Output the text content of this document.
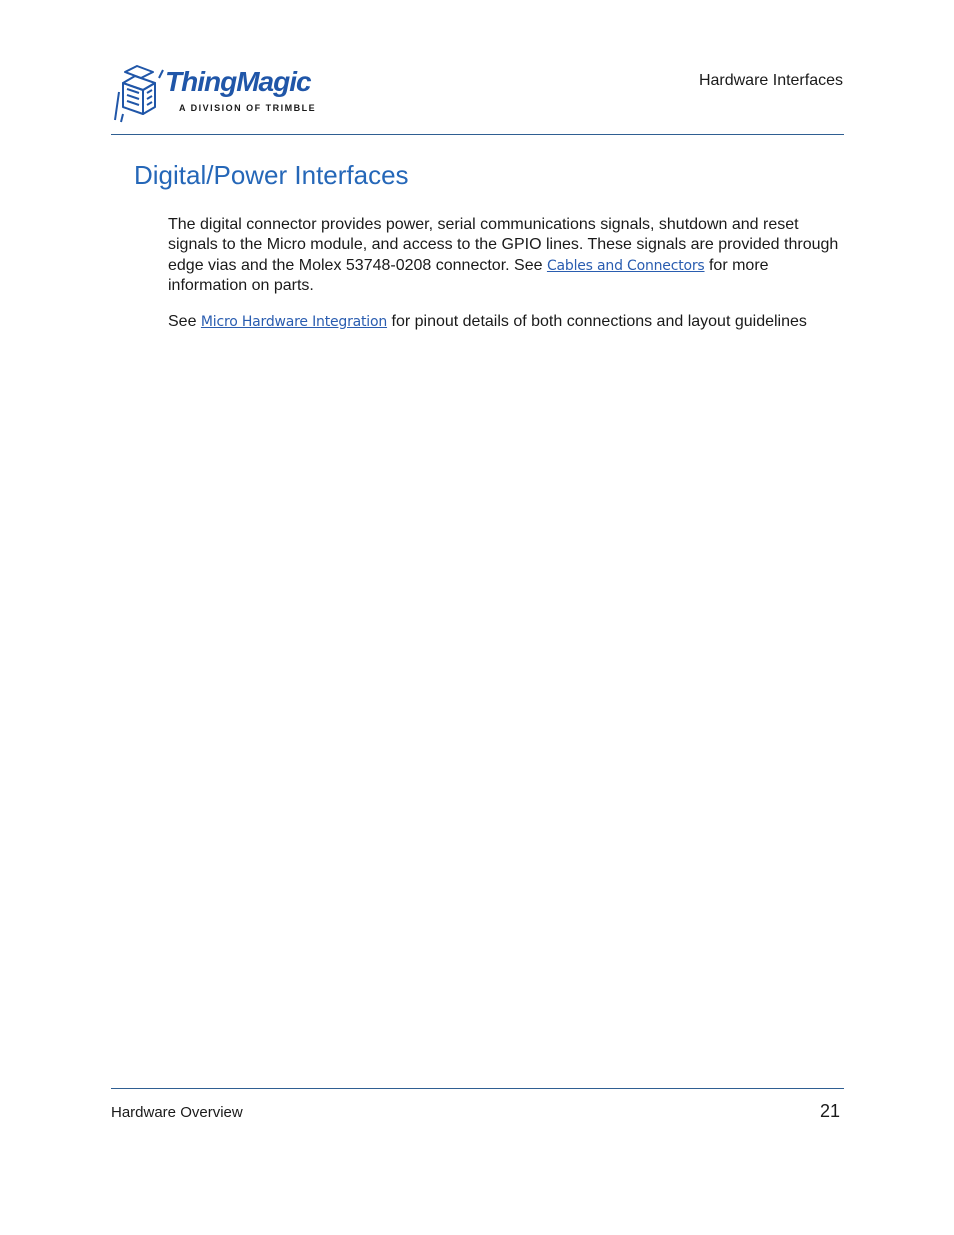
ThingMagic
A DIVISION OF TRIMBLE
Hardware Interfaces
Digital/Power Interfaces

The digital connector provides power, serial communications signals, shutdown and reset signals to the Micro module, and access to the GPIO lines. These signals are provided through edge vias and the Molex 53748-0208 connector. See Cables and Connectors for more information on parts.

See Micro Hardware Integration for pinout details of both connections and layout guidelines

Hardware Overview	21
